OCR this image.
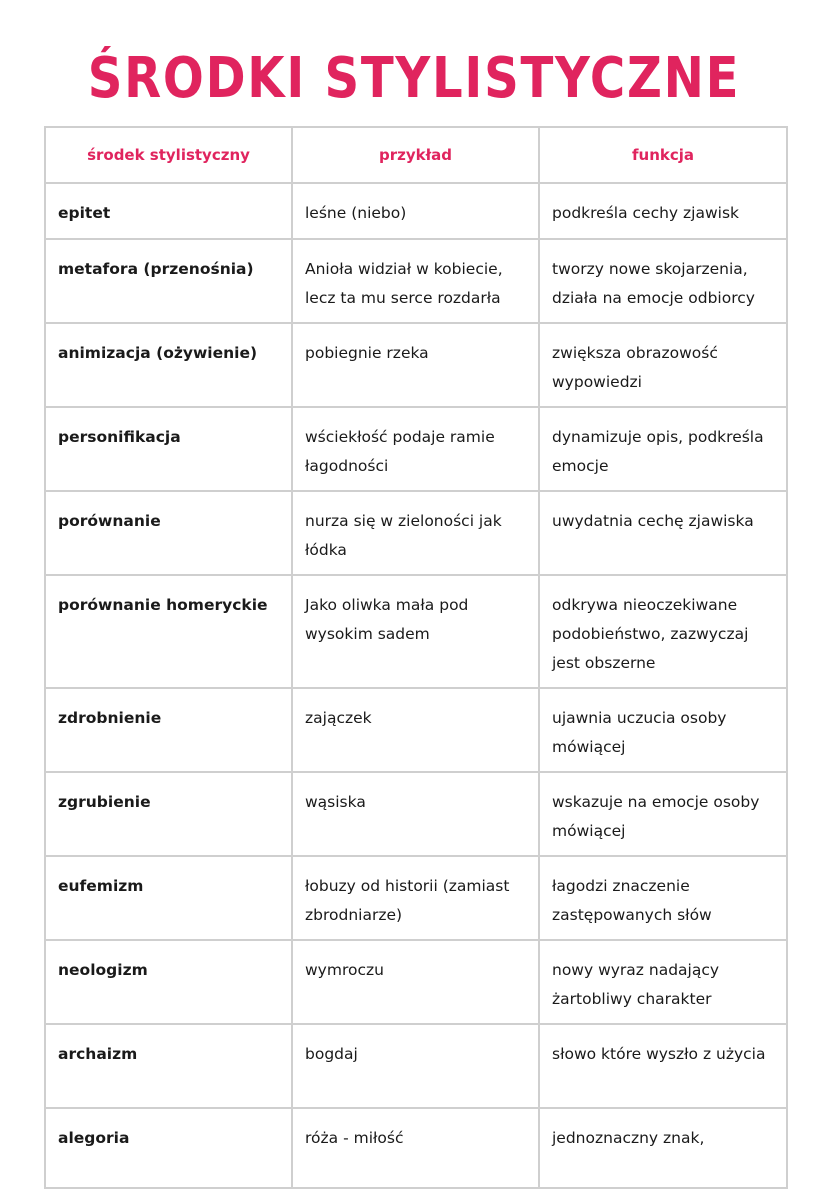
ŚRODKI STYLISTYCZNE
środek stylistyczny	przykład	funkcja
epitet	leśne (niebo)	podkreśla cechy zjawisk
metafora (przenośnia)	Anioła widział w kobiecie, lecz ta mu serce rozdarła	tworzy nowe skojarzenia, działa na emocje odbiorcy
animizacja (ożywienie)	pobiegnie rzeka	zwiększa obrazowość wypowiedzi
personifikacja	wściekłość podaje ramie łagodności	dynamizuje opis, podkreśla emocje
porównanie	nurza się w zieloności jak łódka	uwydatnia cechę zjawiska
porównanie homeryckie	Jako oliwka mała pod wysokim sadem	odkrywa nieoczekiwane podobieństwo, zazwyczaj jest obszerne
zdrobnienie	zajączek	ujawnia uczucia osoby mówiącej
zgrubienie	wąsiska	wskazuje na emocje osoby mówiącej
eufemizm	łobuzy od historii (zamiast zbrodniarze)	łagodzi znaczenie zastępowanych słów
neologizm	wymroczu	nowy wyraz nadający żartobliwy charakter
archaizm	bogdaj	słowo które wyszło z użycia
alegoria	róża - miłość	jednoznaczny znak,
